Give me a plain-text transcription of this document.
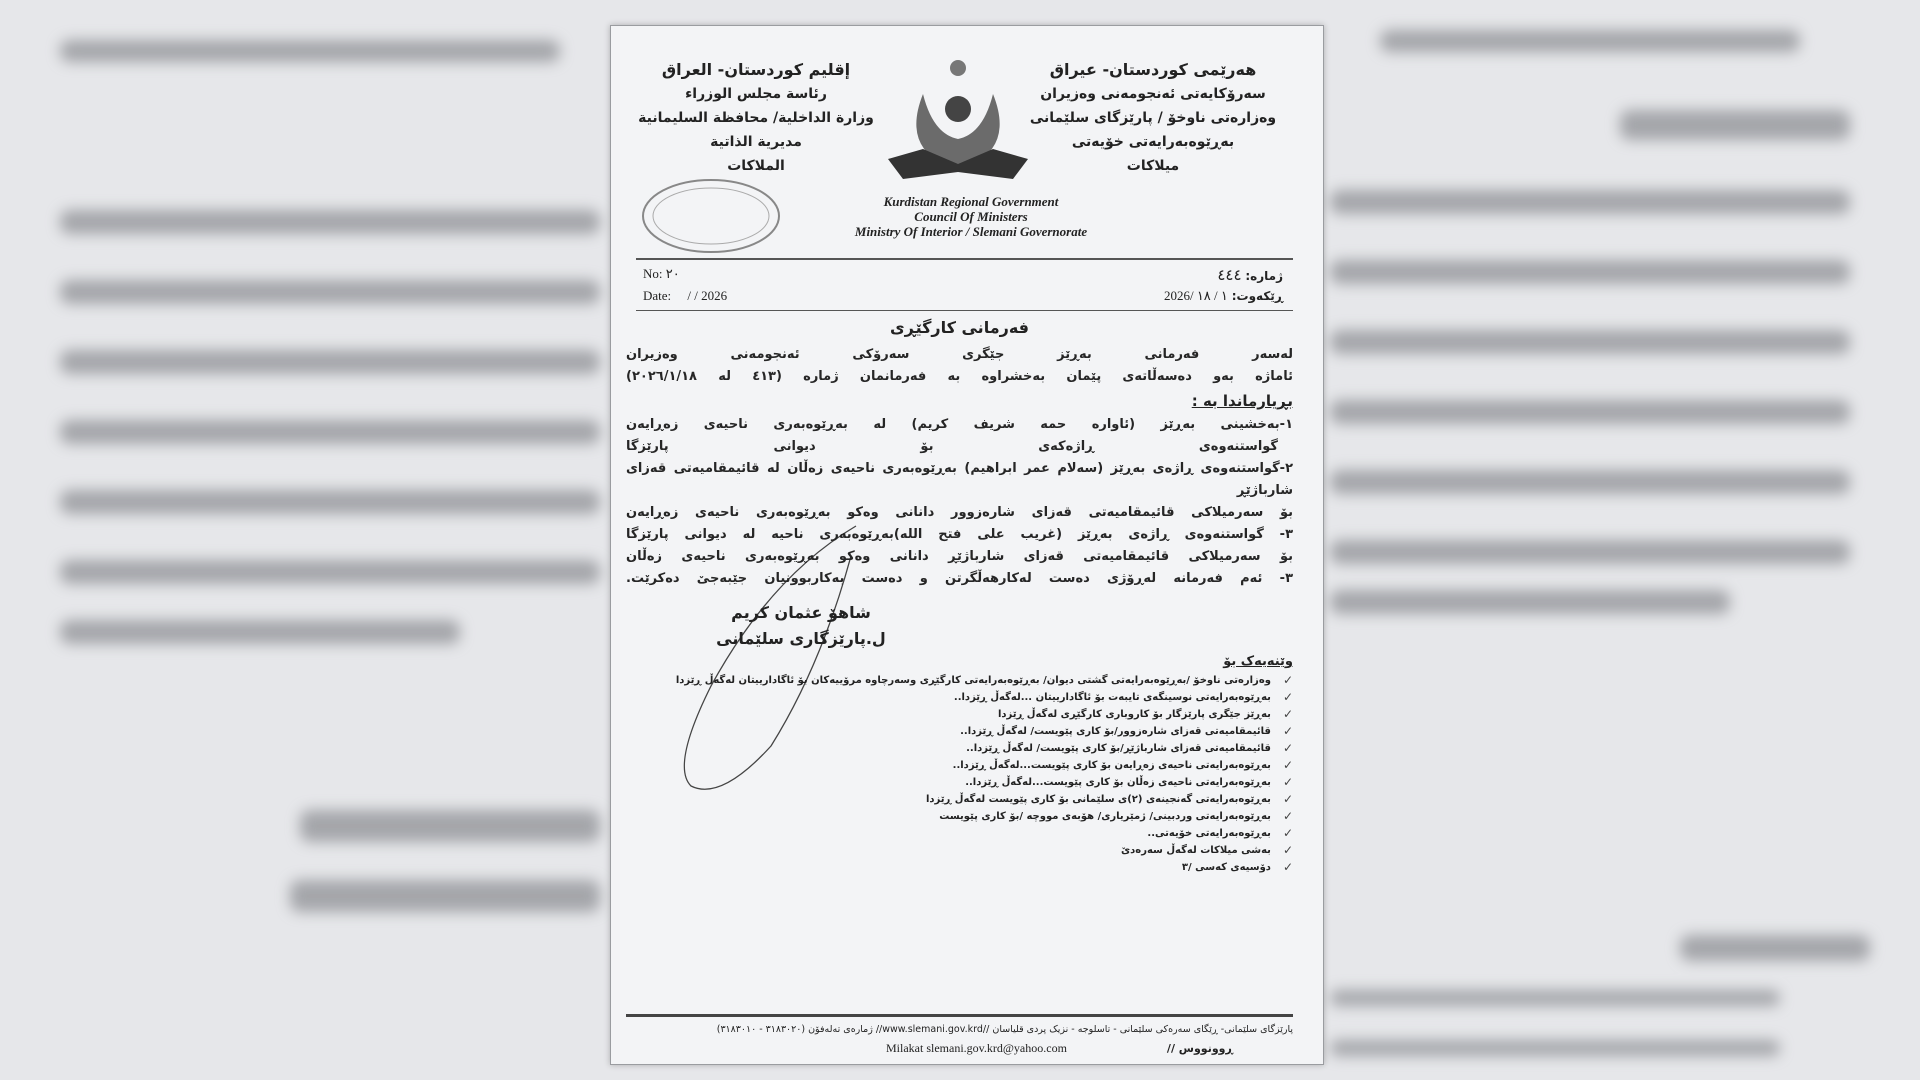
هەرێمی کوردستان- عیراق
سەرۆکایەتی ئەنجومەنی وەزیران
وەزارەتی ناوخۆ / پارێزگای سلێمانی
بەڕێوەبەرایەتی خۆیەتی
میلاکات
إقليم كوردستان- العراق
رئاسة مجلس الوزراء
وزارة الداخلية/ محافظة السليمانية
مديرية الذاتية
الملاكات
Kurdistan Regional Government
Council Of Ministers
Ministry Of Interior / Slemani Governorate
No: ٢٠
Date: / / 2026
ژمارە: ٤٤٤
ڕێکەوت: 2026/ ١ / ١٨
فەرمانی کارگێڕی
لەسەر فەرمانی بەڕێز جێگری سەرۆکی ئەنجومەنی وەزیران
ئاماژە بەو دەسەڵاتەی پێمان بەخشراوە بە فەرمانمان ژمارە (٤١٣ لە ٢٠٢٦/١/١٨)
بڕیارماندا بە :
١-بەخشینی بەڕێز (ئاوارە حمە شریف کریم) لە بەڕێوەبەری ناحیەی زەڕایەن
گواستنەوەی ڕاژەکەی بۆ دیوانی پارێزگا
٢-گواستنەوەی ڕاژەی بەڕێز (سەلام عمر ابراهیم) بەڕێوەبەری ناحیەی زەڵان لە قائیمقامیەتی قەزای شارباژێڕ
بۆ سەرمیلاکی قائیمقامیەتی قەزای شارەزوور دانانی وەکو بەڕێوەبەری ناحیەی زەڕایەن
٣- گواستنەوەی ڕاژەی بەڕێز (غریب علی فتح الله)بەڕێوەبەری ناحیە لە دیوانی پارێزگا
بۆ سەرمیلاکی قائیمقامیەتی قەزای شارباژێڕ دانانی وەکو بەڕێوەبەری ناحیەی زەڵان
٣- ئەم فەرمانە لەڕۆژی دەست لەکارهەڵگرتن و دەست بەکاربوونیان جێبەجێ دەکرێت.
شاهۆ عثمان کریم
ل.پارێزگاری سلێمانی
وێنەیەک بۆ
✓
وەزارەتی ناوخۆ /بەڕێوەبەرایەتی گشتی دیوان/ بەڕێوەبەرایەتی کارگێڕی وسەرچاوە مرۆییەکان بۆ ئاگادارییتان لەگەڵ ڕێزدا
✓
بەڕێوەبەرایەتی نوسینگەی تایبەت بۆ ئاگادارییتان ...لەگەڵ ڕێزدا..
✓
بەڕێز جێگری پارێزگار بۆ کاروباری کارگێڕی لەگەڵ ڕێزدا
✓
قائیمقامیەتی قەزای شارەزوور/بۆ کاری پێویست/ لەگەڵ ڕێزدا..
✓
قائیمقامیەتی قەزای شارباژێڕ/بۆ کاری پێویست/ لەگەڵ ڕێزدا..
✓
بەڕێوەبەرایەتی ناحیەی زەڕایەن بۆ کاری پێویست...لەگەڵ ڕێزدا..
✓
بەڕێوەبەرایەتی ناحیەی زەڵان بۆ کاری پێویست...لەگەڵ ڕێزدا..
✓
بەڕێوەبەرایەتی گەنجینەی (٢)ی سلێمانی بۆ کاری پێویست لەگەڵ ڕێزدا
✓
بەڕێوەبەرایەتی وردبینی/ ژمێریاری/ هۆبەی مووچە /بۆ کاری پێویست
✓
بەڕێوەبەرایەتی خۆیەتی..
✓
بەشی میلاکات لەگەڵ سەرەدێ
✓
دۆسیەی کەسی /٣
پارێزگای سلێمانی- ڕێگای سەرەکی سلێمانی - تاسلوجە - نزیک پردی قلیاسان //www.slemani.gov.krd// ژمارەی تەلەفۆن (٣١٨٣٠٢٠ - ٣١٨٣٠١٠)
ڕوونووس //
Milakat slemani.gov.krd@yahoo.com
